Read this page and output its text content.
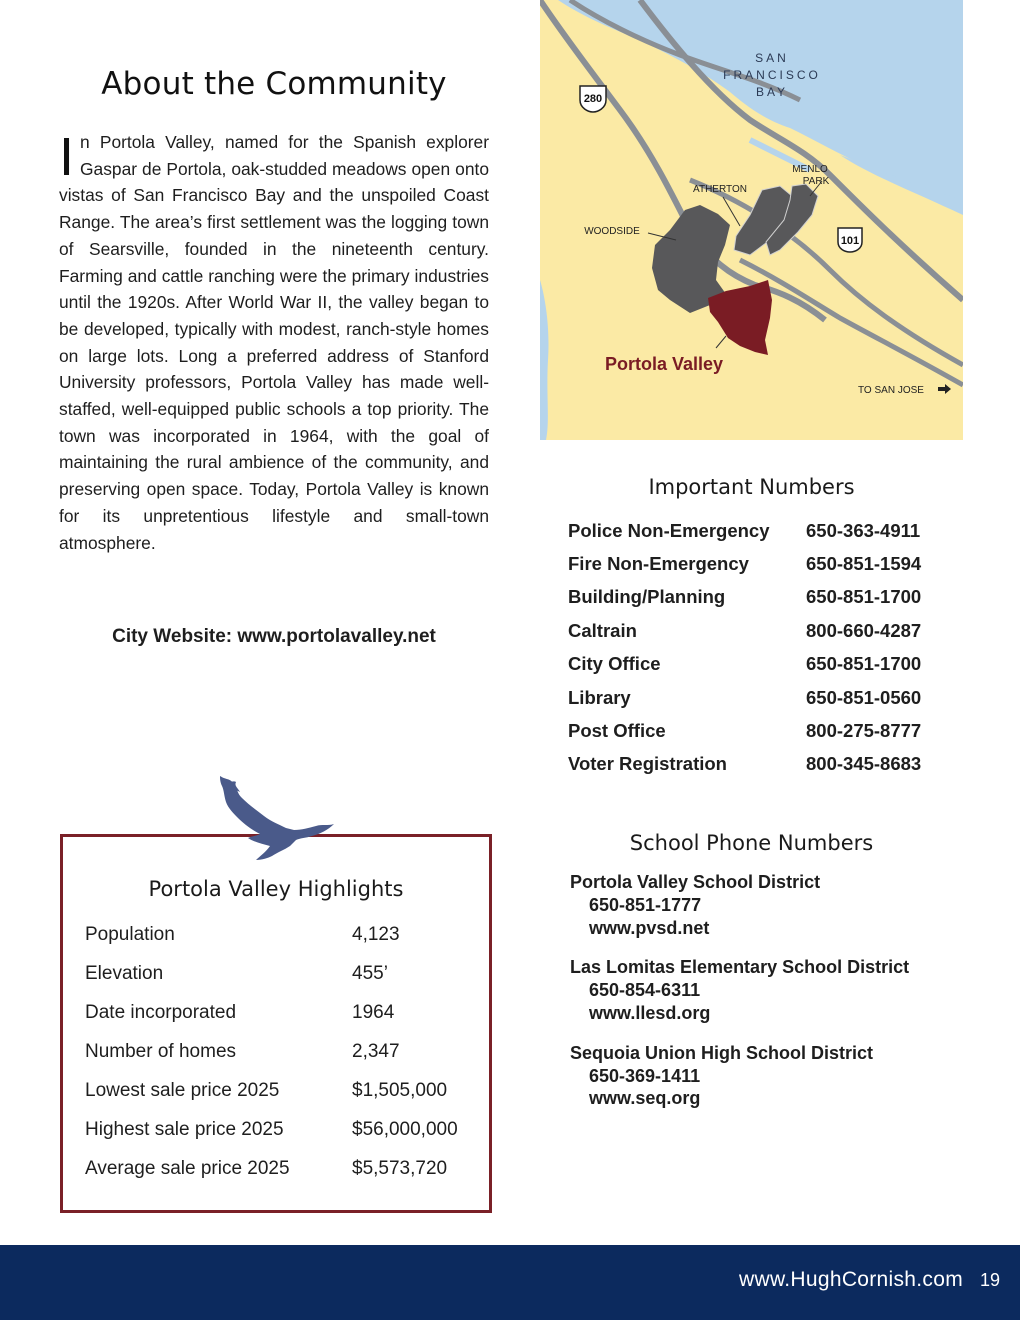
About the Community

In Portola Valley, named for the Spanish explorer Gaspar de Portola, oak-studded meadows open onto vistas of San Francisco Bay and the unspoiled Coast Range. The area’s first settlement was the logging town of Searsville, founded in the nineteenth century. Farming and cattle ranching were the primary industries until the 1920s. After World War II, the valley began to be developed, typically with modest, ranch-style homes on large lots. Long a preferred address of Stanford University professors, Portola Valley has made well-staffed, well-equipped public schools a top priority. The town was incorporated in 1964, with the goal of maintaining the rural ambience of the community, and preserving open space. Today, Portola Valley is known for its unpretentious lifestyle and small-town atmosphere.

City Website: www.portolavalley.net
SAN
FRANCISCO
BAY
280
101
MENLO
PARK
ATHERTON
WOODSIDE
Portola Valley
TO SAN JOSE
Important Numbers
Police Non-Emergency	650-363-4911
Fire Non-Emergency	650-851-1594
Building/Planning	650-851-1700
Caltrain	800-660-4287
City Office	650-851-1700
Library	650-851-0560
Post Office	800-275-8777
Voter Registration	800-345-8683
School Phone Numbers
Portola Valley School District
650-851-1777
www.pvsd.net
Las Lomitas Elementary School District
650-854-6311
www.llesd.org
Sequoia Union High School District
650-369-1411
www.seq.org
Portola Valley Highlights
Population	4,123
Elevation	455’
Date incorporated	1964
Number of homes	2,347
Lowest sale price 2025	$1,505,000
Highest sale price 2025	$56,000,000
Average sale price 2025	$5,573,720
www.HughCornish.com 19
